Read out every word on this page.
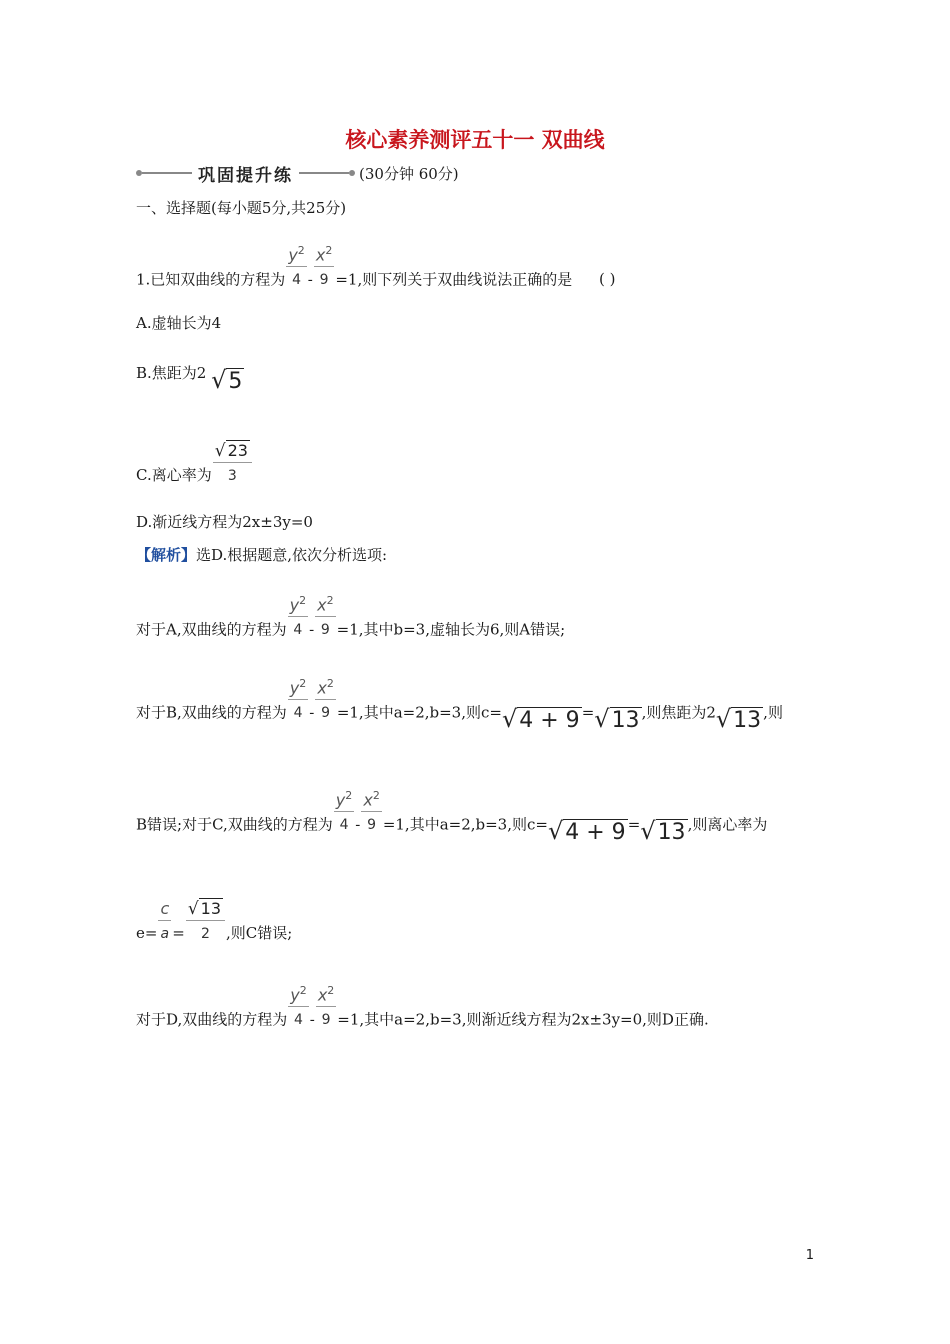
核心素养测评五十一 双曲线
巩固提升练	(30分钟 60分)
一、选择题(每小题5分,共25分)
1.已知双曲线的方程为 $\frac{y^2}{4} - \frac{x^2}{9} =1$,则下列关于双曲线说法正确的是 ( )
A.虚轴长为4
B.焦距为2 √5
C.离心率为 $\frac{√ 23}{3}$
D.渐近线方程为2x±3y=0
【解析】选D.根据题意,依次分析选项:
对于A,双曲线的方程为 $\frac{y^2}{4} - \frac{x^2}{9} =1$,其中b=3,虚轴长为6,则A错误;
对于B,双曲线的方程为 $\frac{y^2}{4} - \frac{x^2}{9} =1$,其中a=2,b=3,则c=√4 + 9 =√13 ,则焦距为2√13 ,则
B错误;对于C,双曲线的方程为 $\frac{y^2}{4} - \frac{x^2}{9} =1$,其中a=2,b=3,则c=√4 + 9 =√13 ,则离心率为
$e= \frac{c}{a} = \frac{√ 13}{2}$ ,则C错误;
对于D,双曲线的方程为 $\frac{y^2}{4} - \frac{x^2}{9} =1$,其中a=2,b=3,则渐近线方程为2x±3y=0,则D正确.
1
